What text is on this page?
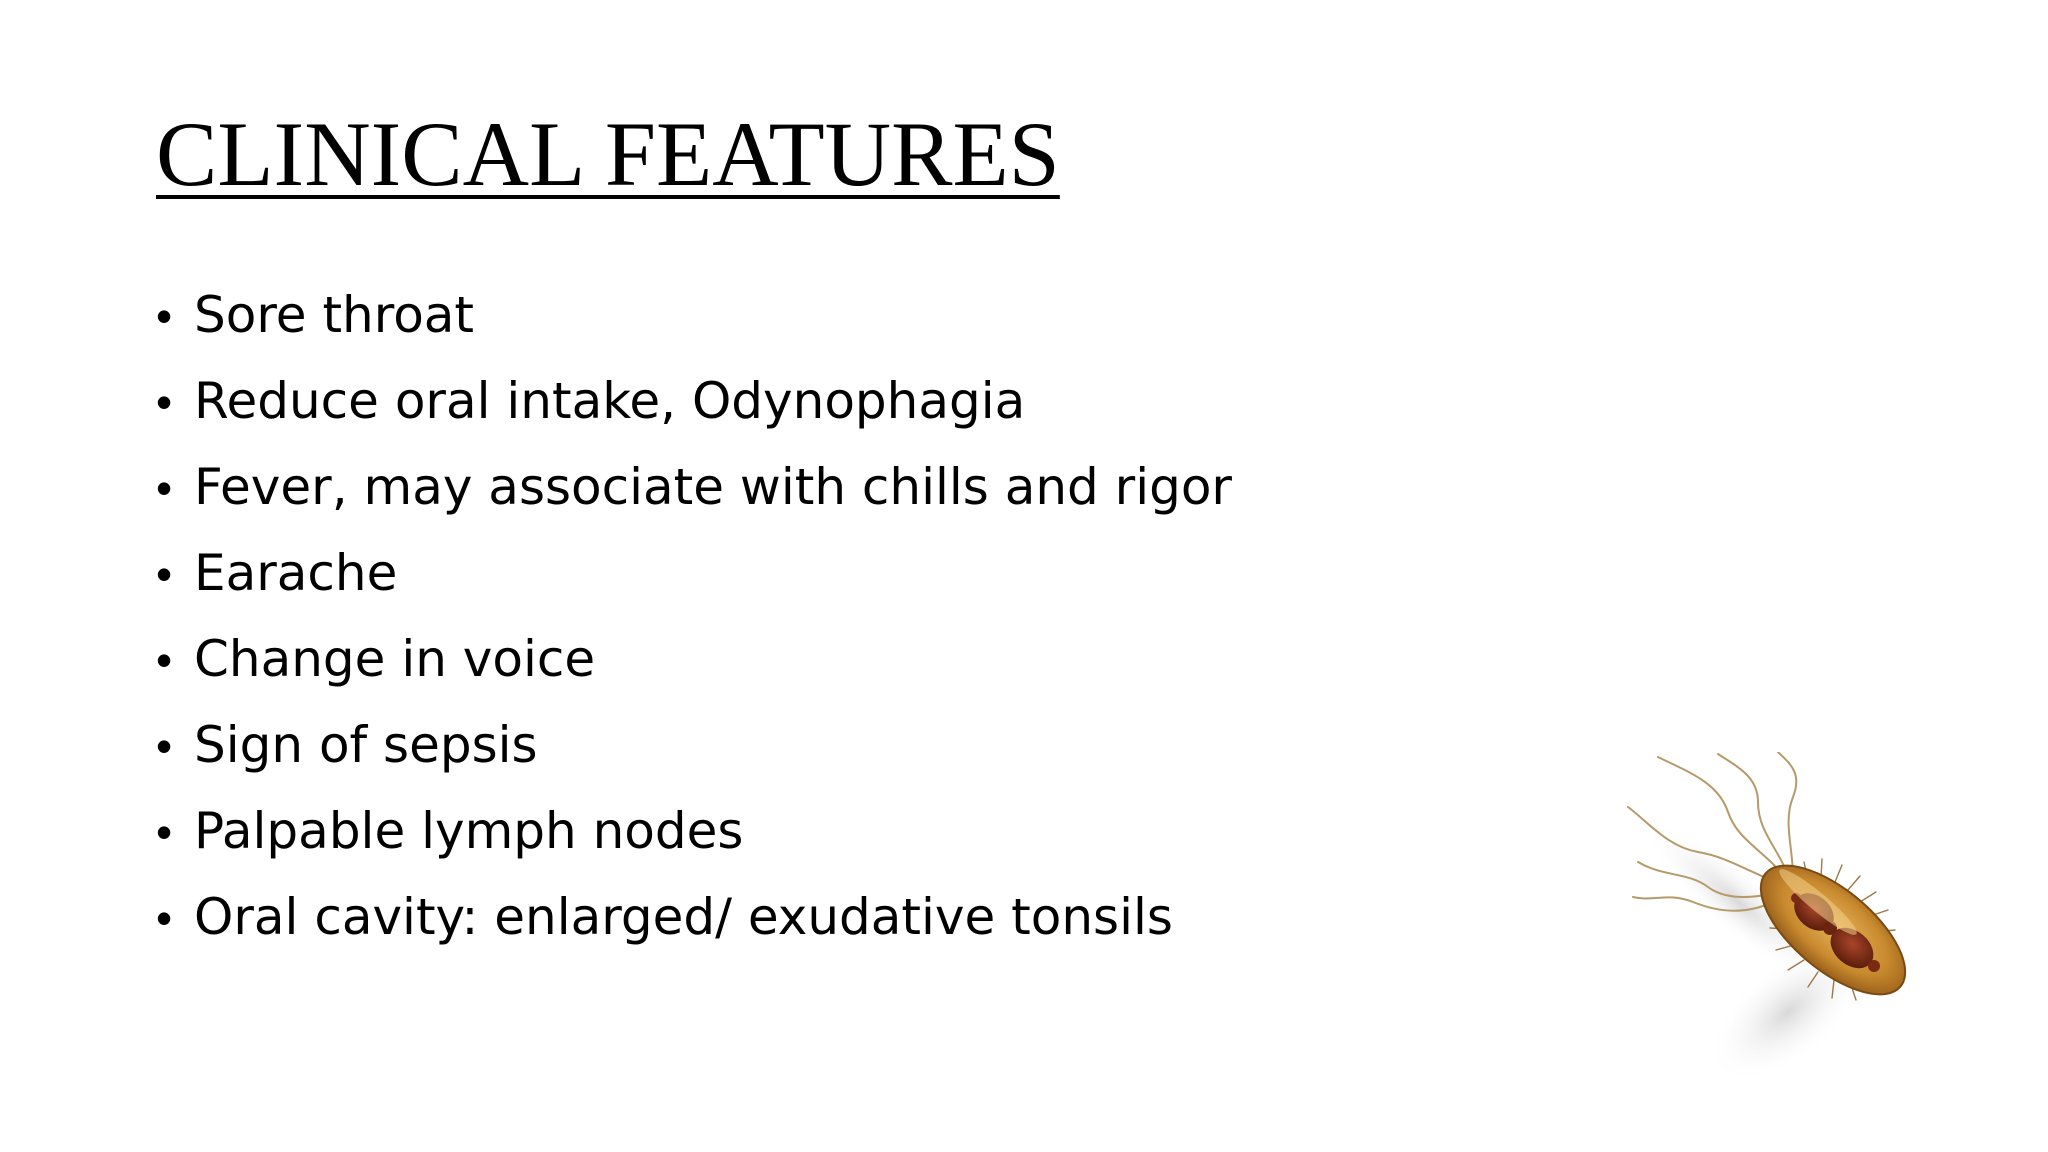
CLINICAL FEATURES
• Sore throat
• Reduce oral intake, Odynophagia
• Fever, may associate with chills and rigor
• Earache
• Change in voice
• Sign of sepsis
• Palpable lymph nodes
• Oral cavity: enlarged/ exudative tonsils
